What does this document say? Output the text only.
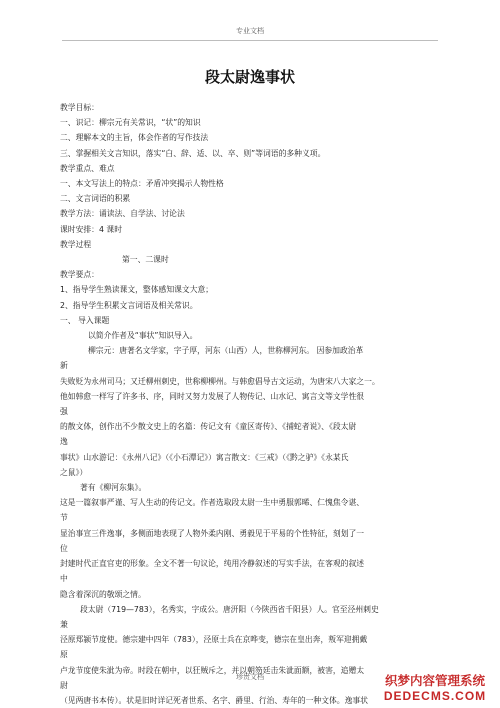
专业文档
段太尉逸事状

教学目标：

一、识记：柳宗元有关常识，“状”的知识

二、理解本文的主旨，体会作者的写作技法

三、掌握相关文言知识，落实“白、辞、适、以、卒、则”等词语的多种义项。

教学重点、难点

一、本文写法上的特点：矛盾冲突揭示人物性格

二、文言词语的积累

教学方法：诵读法、自学法、讨论法

课时安排：4 课时

教学过程

第一、二课时

教学要点：

1、指导学生熟读课文，整体感知课文大意；

2、指导学生积累文言词语及相关常识。

一、 导入课题

以简介作者及“事状”知识导入。

柳宗元：唐著名文学家，字子厚，河东（山西）人，世称柳河东。 因参加政治革

新

失败贬为永州司马；又迁柳州刺史，世称柳柳州。与韩愈倡导古文运动，为唐宋八大家之一。

他如韩愈一样写了许多书、序，同时又努力发展了人物传记、山水记、寓言文等文学性很

强

的散文体，创作出不少散文史上的名篇：传记文有《童区寄传》、《捕蛇者说》、《段太尉

逸

事状》山水游记：《永州八记》（《小石潭记》）寓言散文：《三戒》（《黔之驴》《永某氏

之鼠》）

著有《柳河东集》。

这是一篇叙事严谨、写人生动的传记文。作者选取段太尉一生中勇服郭晞、仁愧焦令谌、

节

显治事宣三件逸事，多侧面地表现了人物外柔内刚、勇毅见于平易的个性特征，刻划了一

位

封建时代正直官吏的形象。全文不著一句议论，纯用冷静叙述的写实手法，在客观的叙述

中

隐含着深沉的敬颂之情。

段太尉（719—783），名秀实，字成公。唐汧阳（今陕西省千阳县）人。官至泾州刺史

兼

泾原郑颍节度使。德宗建中四年（783），泾原士兵在京哗变，德宗在皇出奔，叛军迎拥戴

原

卢龙节度使朱泚为帝。时段在朝中，以狂贼斥之，并以朝笏廷击朱泚面额，被害，追赠太

尉

（见两唐书本传）。状是旧时详记死者世系、名字、爵里、行治、寿年的一种文体。逸事状

珍贵文档	织梦内容管理系统
DEDECMS.COM
